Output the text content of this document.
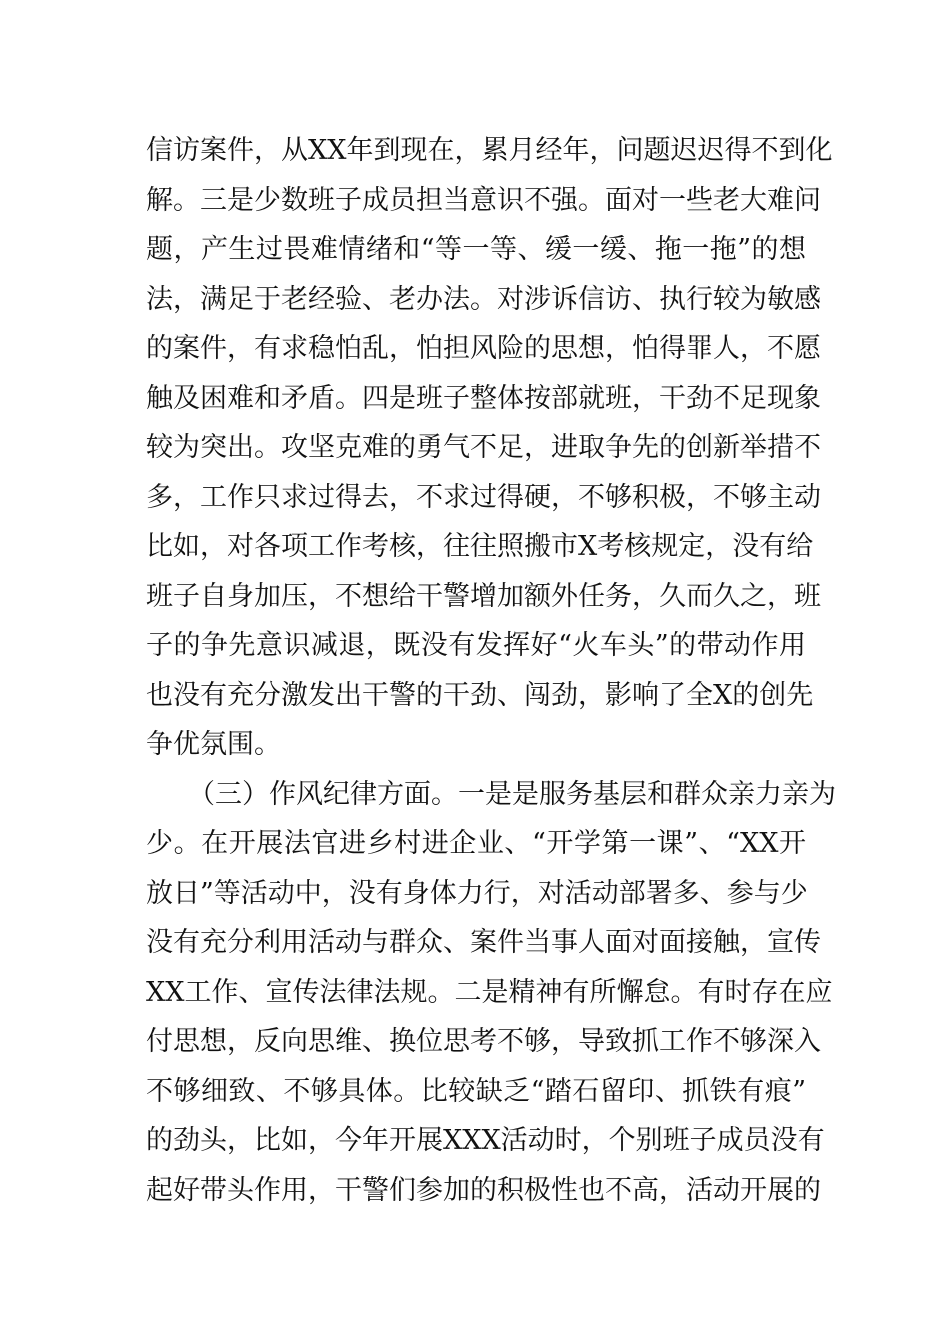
信访案件，从XX年到现在，累月经年，问题迟迟得不到化
解。三是少数班子成员担当意识不强。面对一些老大难问
题，产生过畏难情绪和“等一等、缓一缓、拖一拖”的想
法，满足于老经验、老办法。对涉诉信访、执行较为敏感
的案件，有求稳怕乱，怕担风险的思想，怕得罪人，不愿
触及困难和矛盾。四是班子整体按部就班，干劲不足现象
较为突出。攻坚克难的勇气不足，进取争先的创新举措不
多，工作只求过得去，不求过得硬，不够积极，不够主动
比如，对各项工作考核，往往照搬市X考核规定，没有给
班子自身加压，不想给干警增加额外任务，久而久之，班
子的争先意识减退，既没有发挥好“火车头”的带动作用
也没有充分激发出干警的干劲、闯劲，影响了全X的创先
争优氛围。
（三）作风纪律方面。一是是服务基层和群众亲力亲为
少。在开展法官进乡村进企业、“开学第一课”、“XX开
放日”等活动中，没有身体力行，对活动部署多、参与少
没有充分利用活动与群众、案件当事人面对面接触，宣传
XX工作、宣传法律法规。二是精神有所懈怠。有时存在应
付思想，反向思维、换位思考不够，导致抓工作不够深入
不够细致、不够具体。比较缺乏“踏石留印、抓铁有痕”
的劲头，比如，今年开展XXX活动时，个别班子成员没有
起好带头作用，干警们参加的积极性也不高，活动开展的
